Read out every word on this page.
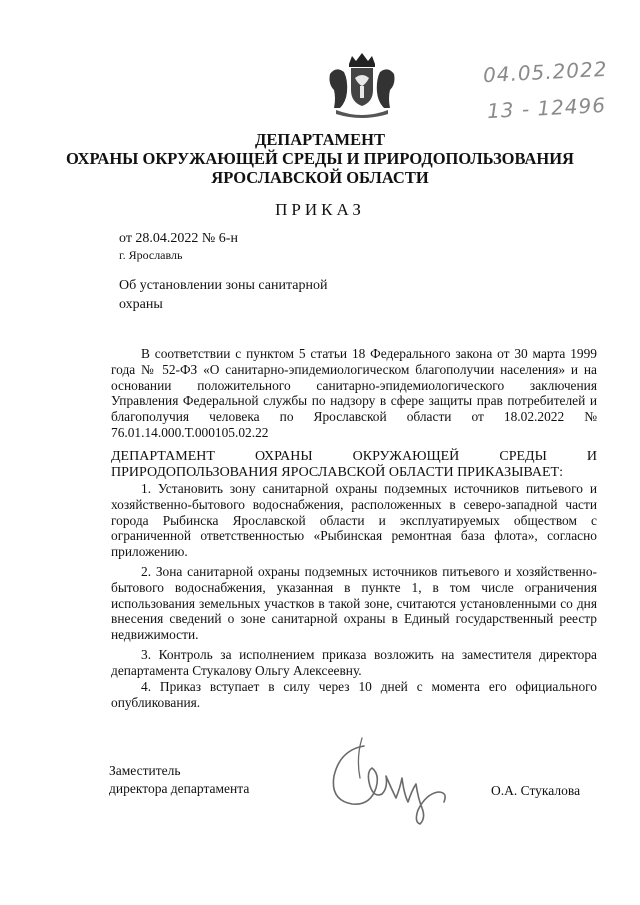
04.05.2022
13 - 12496
ДЕПАРТАМЕНТ
ОХРАНЫ ОКРУЖАЮЩЕЙ СРЕДЫ И ПРИРОДОПОЛЬЗОВАНИЯ
ЯРОСЛАВСКОЙ ОБЛАСТИ
ПРИКАЗ
от 28.04.2022 № 6-н
г. Ярославль
Об установлении зоны санитарной охраны
В соответствии с пунктом 5 статьи 18 Федерального закона от 30 марта 1999 года № 52-ФЗ «О санитарно-эпидемиологическом благополучии населения» и на основании положительного санитарно-эпидемиологического заключения Управления Федеральной службы по надзору в сфере защиты прав потребителей и благополучия человека по Ярославской области от 18.02.2022 № 76.01.14.000.Т.000105.02.22
ДЕПАРТАМЕНТ ОХРАНЫ ОКРУЖАЮЩЕЙ СРЕДЫ И ПРИРОДОПОЛЬЗОВАНИЯ ЯРОСЛАВСКОЙ ОБЛАСТИ ПРИКАЗЫВАЕТ:
1. Установить зону санитарной охраны подземных источников питьевого и хозяйственно-бытового водоснабжения, расположенных в северо-западной части города Рыбинска Ярославской области и эксплуатируемых обществом с ограниченной ответственностью «Рыбинская ремонтная база флота», согласно приложению.
2. Зона санитарной охраны подземных источников питьевого и хозяйственно-бытового водоснабжения, указанная в пункте 1, в том числе ограничения использования земельных участков в такой зоне, считаются установленными со дня внесения сведений о зоне санитарной охраны в Единый государственный реестр недвижимости.
3. Контроль за исполнением приказа возложить на заместителя директора департамента Стукалову Ольгу Алексеевну.
4. Приказ вступает в силу через 10 дней с момента его официального опубликования.
Заместитель
директора департамента	О.А. Стукалова
